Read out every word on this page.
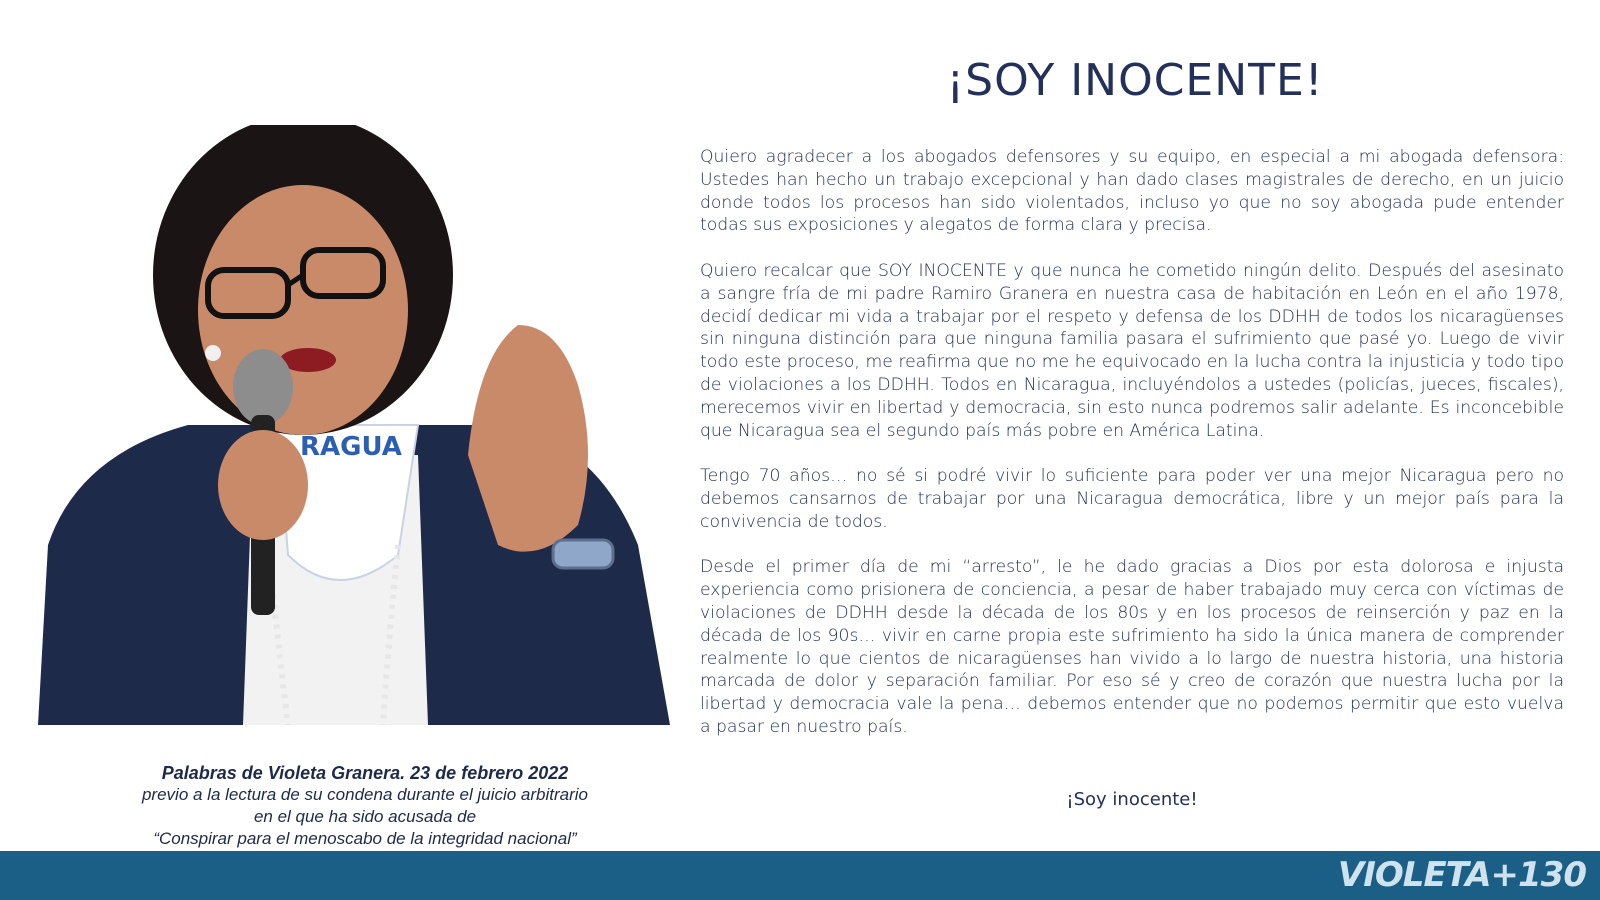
RAGUA
Palabras de Violeta Granera. 23 de febrero 2022
previo a la lectura de su condena durante el juicio arbitrario
en el que ha sido acusada de
“Conspirar para el menoscabo de la integridad nacional”
¡SOY INOCENTE!

Quiero agradecer a los abogados defensores y su equipo, en especial a mi abogada defensora: Ustedes han hecho un trabajo excepcional y han dado clases magistrales de derecho, en un juicio donde todos los procesos han sido violentados, incluso yo que no soy abogada pude entender todas sus exposiciones y alegatos de forma clara y precisa.

Quiero recalcar que SOY INOCENTE y que nunca he cometido ningún delito. Después del asesinato a sangre fría de mi padre Ramiro Granera en nuestra casa de habitación en León en el año 1978, decidí dedicar mi vida a trabajar por el respeto y defensa de los DDHH de todos los nicaragüenses sin ninguna distinción para que ninguna familia pasara el sufrimiento que pasé yo. Luego de vivir todo este proceso, me reafirma que no me he equivocado en la lucha contra la injusticia y todo tipo de violaciones a los DDHH. Todos en Nicaragua, incluyéndolos a ustedes (policías, jueces, fiscales), merecemos vivir en libertad y democracia, sin esto nunca podremos salir adelante. Es inconcebible que Nicaragua sea el segundo país más pobre en América Latina.

Tengo 70 años… no sé si podré vivir lo suficiente para poder ver una mejor Nicaragua pero no debemos cansarnos de trabajar por una Nicaragua democrática, libre y un mejor país para la convivencia de todos.

Desde el primer día de mi “arresto”, le he dado gracias a Dios por esta dolorosa e injusta experiencia como prisionera de conciencia, a pesar de haber trabajado muy cerca con víctimas de violaciones de DDHH desde la década de los 80s y en los procesos de reinserción y paz en la década de los 90s… vivir en carne propia este sufrimiento ha sido la única manera de comprender realmente lo que cientos de nicaragüenses han vivido a lo largo de nuestra historia, una historia marcada de dolor y separación familiar. Por eso sé y creo de corazón que nuestra lucha por la libertad y democracia vale la pena… debemos entender que no podemos permitir que esto vuelva a pasar en nuestro país.

¡Soy inocente!
VIOLETA+130
